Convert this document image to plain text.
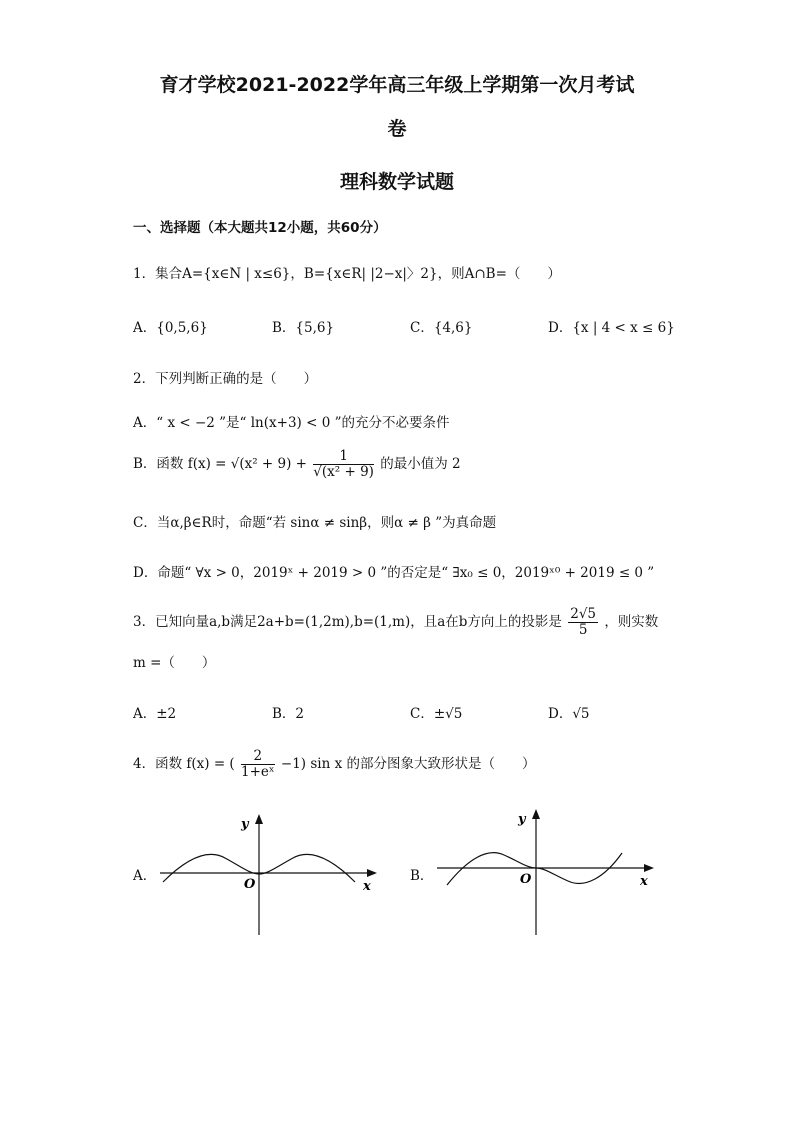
育才学校2021-2022学年高三年级上学期第一次月考试
卷
理科数学试题
一、选择题（本大题共12小题，共60分）
1．集合A={x∈N | x≤6}，B={x∈R| |2−x|〉2}，则A∩B=（　　）
A．{0,5,6}	B．{5,6}	C．{4,6}	D．{x | 4 < x ≤ 6}
2．下列判断正确的是（　　）
A．“ x < −2 ”是“ ln(x+3) < 0 ”的充分不必要条件
B．函数 $f(x) = √(x^2 + 9) + \frac{1}{\text{√(x² + 9)}}$ 的最小值为 2
C．当α,β∈R时，命题“若 sinα ≠ sinβ，则α ≠ β ”为真命题
D．命题“ ∀x > 0，2019ˣ + 2019 > 0 ”的否定是“ ∃x₀ ≤ 0，2019ˣ⁰ + 2019 ≤ 0 ”
3．已知向量a,b满足2a+b=(1,2m),b=(1,m)，且a在b方向上的投影是 $\frac{2√5}{5}$ ，则实数
m =（　　）
A．±2	B．2	C．±√5	D．√5
4．函数 f(x) = ( $\frac{2}{\text{1+eˣ}} -1$) sin x 的部分图象大致形状是（　　）
A．
y
x
O
B．
y
x
O
